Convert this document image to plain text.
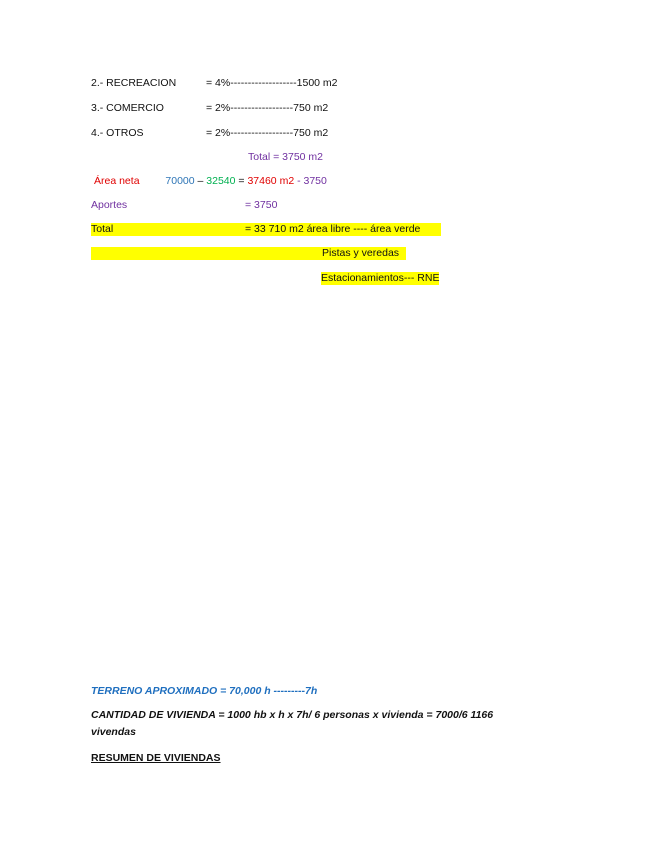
2.- RECREACION	= 4%-------------------1500 m2
3.- COMERCIO	= 2%------------------750 m2
4.- OTROS	= 2%------------------750 m2
Total = 3750 m2
Área neta 70000 – 32540 = 37460 m2 - 3750
Aportes	= 3750
Total	= 33 710 m2 área libre ---- área verde
Pistas y veredas
Estacionamientos--- RNE
TERRENO APROXIMADO = 70,000 h ---------7h
CANTIDAD DE VIVIENDA = 1000 hb x h x 7h/ 6 personas x vivienda = 7000/6 1166
vivendas
RESUMEN DE VIVIENDAS
